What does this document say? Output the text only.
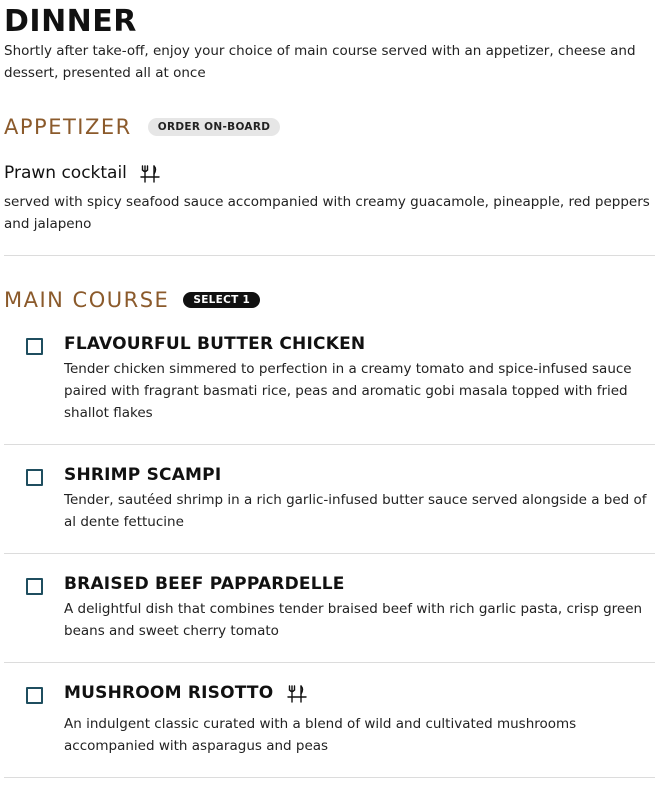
DINNER
Shortly after take-off, enjoy your choice of main course served with an appetizer, cheese and dessert, presented all at once
APPETIZER	ORDER ON-BOARD
Prawn cocktail
served with spicy seafood sauce accompanied with creamy guacamole, pineapple, red peppers and jalapeno
MAIN COURSE	SELECT 1
FLAVOURFUL BUTTER CHICKEN
Tender chicken simmered to perfection in a creamy tomato and spice-infused sauce paired with fragrant basmati rice, peas and aromatic gobi masala topped with fried shallot flakes
SHRIMP SCAMPI
Tender, sautéed shrimp in a rich garlic-infused butter sauce served alongside a bed of al dente fettucine
BRAISED BEEF PAPPARDELLE
A delightful dish that combines tender braised beef with rich garlic pasta, crisp green beans and sweet cherry tomato
MUSHROOM RISOTTO
An indulgent classic curated with a blend of wild and cultivated mushrooms accompanied with asparagus and peas
